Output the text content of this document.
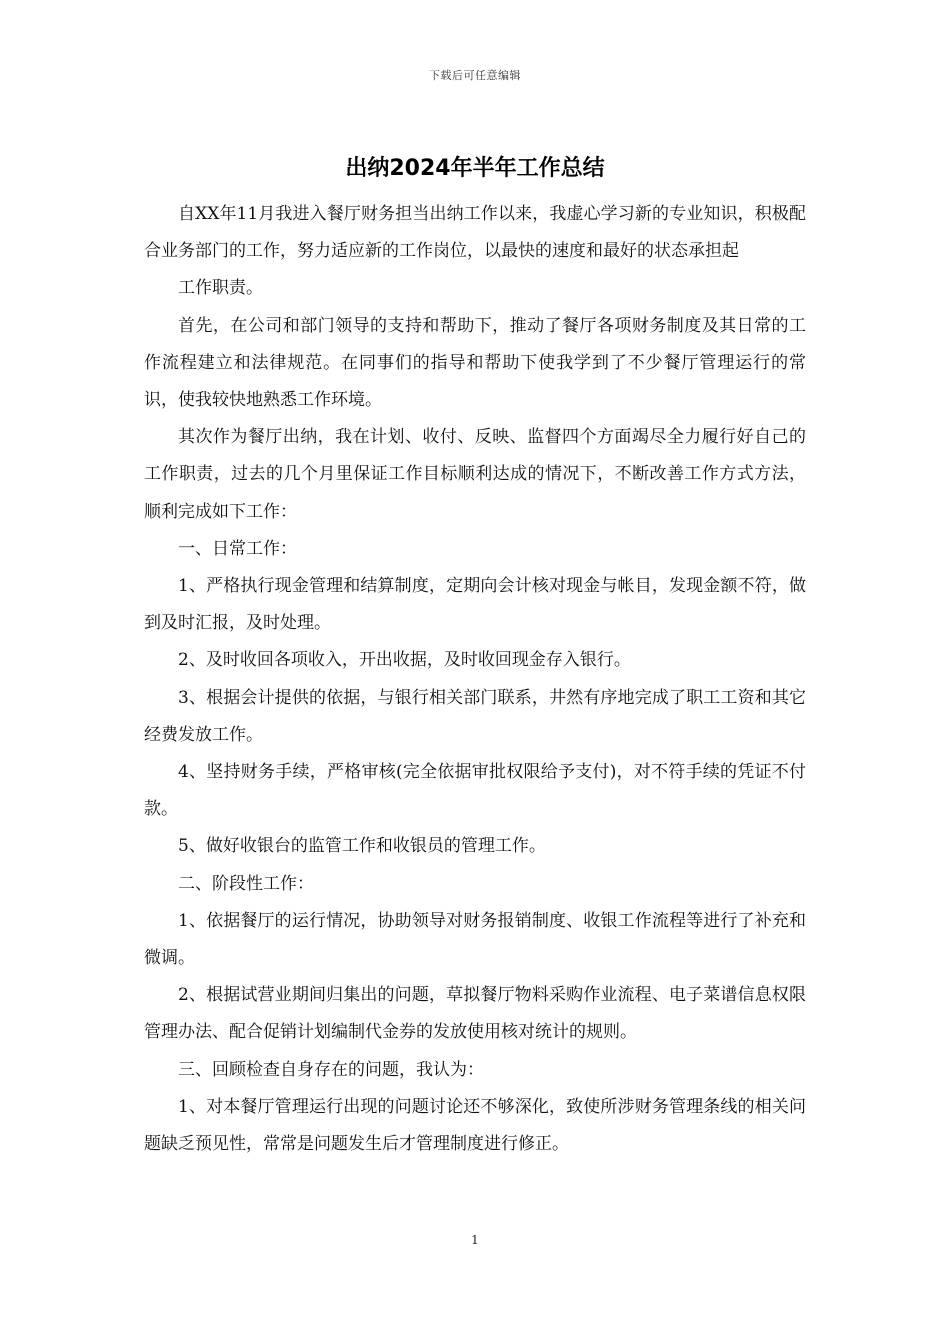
下载后可任意编辑
出纳2024年半年工作总结

自XX年11月我进入餐厅财务担当出纳工作以来，我虚心学习新的专业知识，积极配合业务部门的工作，努力适应新的工作岗位，以最快的速度和最好的状态承担起

工作职责。

首先，在公司和部门领导的支持和帮助下，推动了餐厅各项财务制度及其日常的工作流程建立和法律规范。在同事们的指导和帮助下使我学到了不少餐厅管理运行的常识，使我较快地熟悉工作环境。

其次作为餐厅出纳，我在计划、收付、反映、监督四个方面竭尽全力履行好自己的工作职责，过去的几个月里保证工作目标顺利达成的情况下，不断改善工作方式方法，顺利完成如下工作：

一、日常工作：

1、严格执行现金管理和结算制度，定期向会计核对现金与帐目，发现金额不符，做到及时汇报，及时处理。

2、及时收回各项收入，开出收据，及时收回现金存入银行。

3、根据会计提供的依据，与银行相关部门联系，井然有序地完成了职工工资和其它经费发放工作。

4、坚持财务手续，严格审核(完全依据审批权限给予支付)，对不符手续的凭证不付款。

5、做好收银台的监管工作和收银员的管理工作。

二、阶段性工作：

1、依据餐厅的运行情况，协助领导对财务报销制度、收银工作流程等进行了补充和微调。

2、根据试营业期间归集出的问题，草拟餐厅物料采购作业流程、电子菜谱信息权限管理办法、配合促销计划编制代金券的发放使用核对统计的规则。

三、回顾检查自身存在的问题，我认为：

1、对本餐厅管理运行出现的问题讨论还不够深化，致使所涉财务管理条线的相关问题缺乏预见性，常常是问题发生后才管理制度进行修正。

1
